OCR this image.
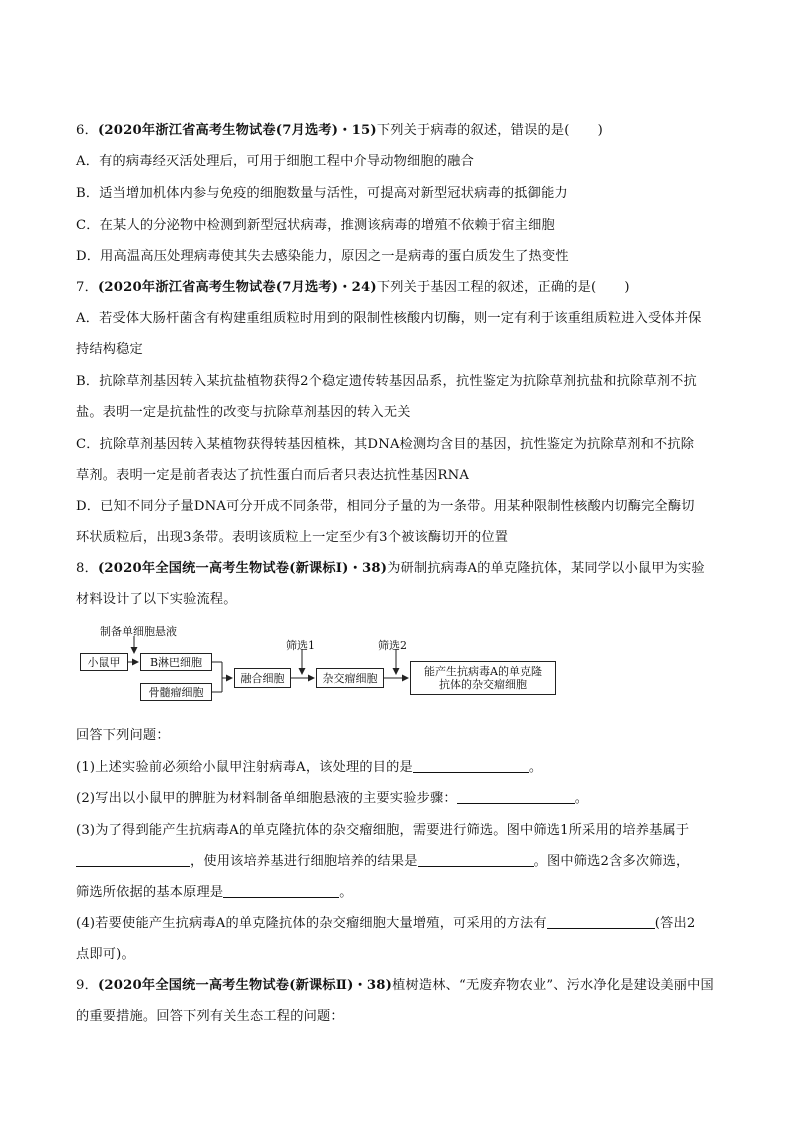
6．(2020年浙江省高考生物试卷(7月选考)・15)下列关于病毒的叙述，错误的是( )
A．有的病毒经灭活处理后，可用于细胞工程中介导动物细胞的融合
B．适当增加机体内参与免疫的细胞数量与活性，可提高对新型冠状病毒的抵御能力
C．在某人的分泌物中检测到新型冠状病毒，推测该病毒的增殖不依赖于宿主细胞
D．用高温高压处理病毒使其失去感染能力，原因之一是病毒的蛋白质发生了热变性
7．(2020年浙江省高考生物试卷(7月选考)・24)下列关于基因工程的叙述，正确的是( )
A．若受体大肠杆菌含有构建重组质粒时用到的限制性核酸内切酶，则一定有利于该重组质粒进入受体并保
持结构稳定
B．抗除草剂基因转入某抗盐植物获得2个稳定遗传转基因品系，抗性鉴定为抗除草剂抗盐和抗除草剂不抗
盐。表明一定是抗盐性的改变与抗除草剂基因的转入无关
C．抗除草剂基因转入某植物获得转基因植株，其DNA检测均含目的基因，抗性鉴定为抗除草剂和不抗除
草剂。表明一定是前者表达了抗性蛋白而后者只表达抗性基因RNA
D．已知不同分子量DNA可分开成不同条带，相同分子量的为一条带。用某种限制性核酸内切酶完全酶切
环状质粒后，出现3条带。表明该质粒上一定至少有3个被该酶切开的位置
8．(2020年全国统一高考生物试卷(新课标Ⅰ)・38)为研制抗病毒A的单克隆抗体，某同学以小鼠甲为实验
材料设计了以下实验流程。
制备单细胞悬液
小鼠甲	B淋巴细胞
骨髓瘤细胞
融合细胞
筛选1
杂交瘤细胞
筛选2
能产生抗病毒A的单克隆
抗体的杂交瘤细胞
回答下列问题：
(1)上述实验前必须给小鼠甲注射病毒A，该处理的目的是	。
(2)写出以小鼠甲的脾脏为材料制备单细胞悬液的主要实验步骤：	。
(3)为了得到能产生抗病毒A的单克隆抗体的杂交瘤细胞，需要进行筛选。图中筛选1所采用的培养基属于
，使用该培养基进行细胞培养的结果是	。图中筛选2含多次筛选，
筛选所依据的基本原理是	。
(4)若要使能产生抗病毒A的单克隆抗体的杂交瘤细胞大量增殖，可采用的方法有	(答出2
点即可)。
9．(2020年全国统一高考生物试卷(新课标Ⅱ)・38)植树造林、“无废弃物农业”、污水净化是建设美丽中国
的重要措施。回答下列有关生态工程的问题：
